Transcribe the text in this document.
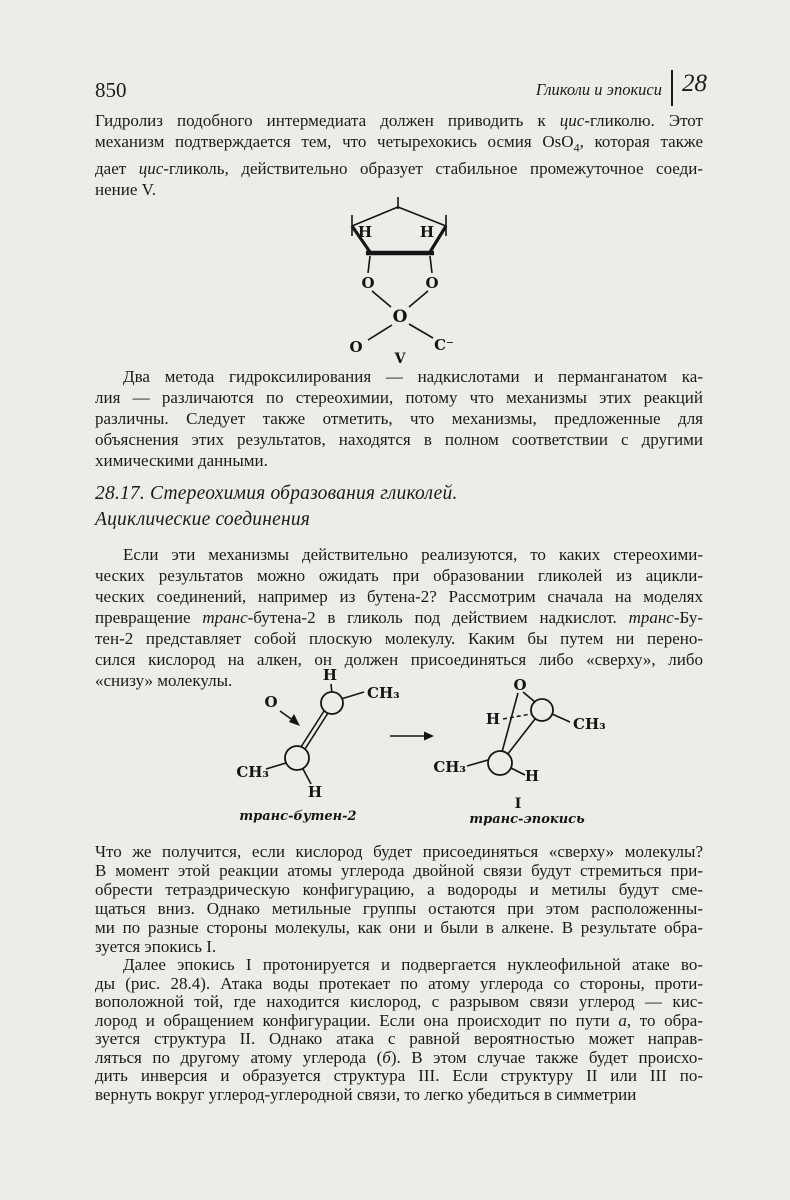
850	Гликоли и эпокиси 28
Гидролиз подобного интермедиата должен приводить к цис-гликолю. Этот
механизм подтверждается тем, что четырехокись осмия OsO$_4$, которая также
дает цис-гликоль, действительно образует стабильное промежуточное соеди-
нение V.
H	H
O	O
O
O	C⁻
V
Два метода гидроксилирования — надкислотами и перманганатом ка-
лия — различаются по стереохимии, потому что механизмы этих реакций
различны. Следует также отметить, что механизмы, предложенные для
объяснения этих результатов, находятся в полном соответствии с другими
химическими данными.
28.17. Стереохимия образования гликолей.
Ациклические соединения
Если эти механизмы действительно реализуются, то каких стереохими-
ческих результатов можно ожидать при образовании гликолей из ацикли-
ческих соединений, например из бутена-2? Рассмотрим сначала на моделях
превращение транс-бутена-2 в гликоль под действием надкислот. транс-Бу-
тен-2 представляет собой плоскую молекулу. Каким бы путем ни перено-
сился кислород на алкен, он должен присоединяться либо «сверху», либо
«снизу» молекулы.
O
H
CH₃
CH₃
H
транс-бутен-2
O
H	CH₃
CH₃	H
I
транс-эпокись
Что же получится, если кислород будет присоединяться «сверху» молекулы?
В момент этой реакции атомы углерода двойной связи будут стремиться при-
обрести тетраэдрическую конфигурацию, а водороды и метилы будут сме-
щаться вниз. Однако метильные группы остаются при этом расположенны-
ми по разные стороны молекулы, как они и были в алкене. В результате обра-
зуется эпокись I.
Далее эпокись I протонируется и подвергается нуклеофильной атаке во-
ды (рис. 28.4). Атака воды протекает по атому углерода со стороны, проти-
воположной той, где находится кислород, с разрывом связи углерод — кис-
лород и обращением конфигурации. Если она происходит по пути а, то обра-
зуется структура II. Однако атака с равной вероятностью может направ-
ляться по другому атому углерода (б). В этом случае также будет происхо-
дить инверсия и образуется структура III. Если структуру II или III по-
вернуть вокруг углерод-углеродной связи, то легко убедиться в симметрии
